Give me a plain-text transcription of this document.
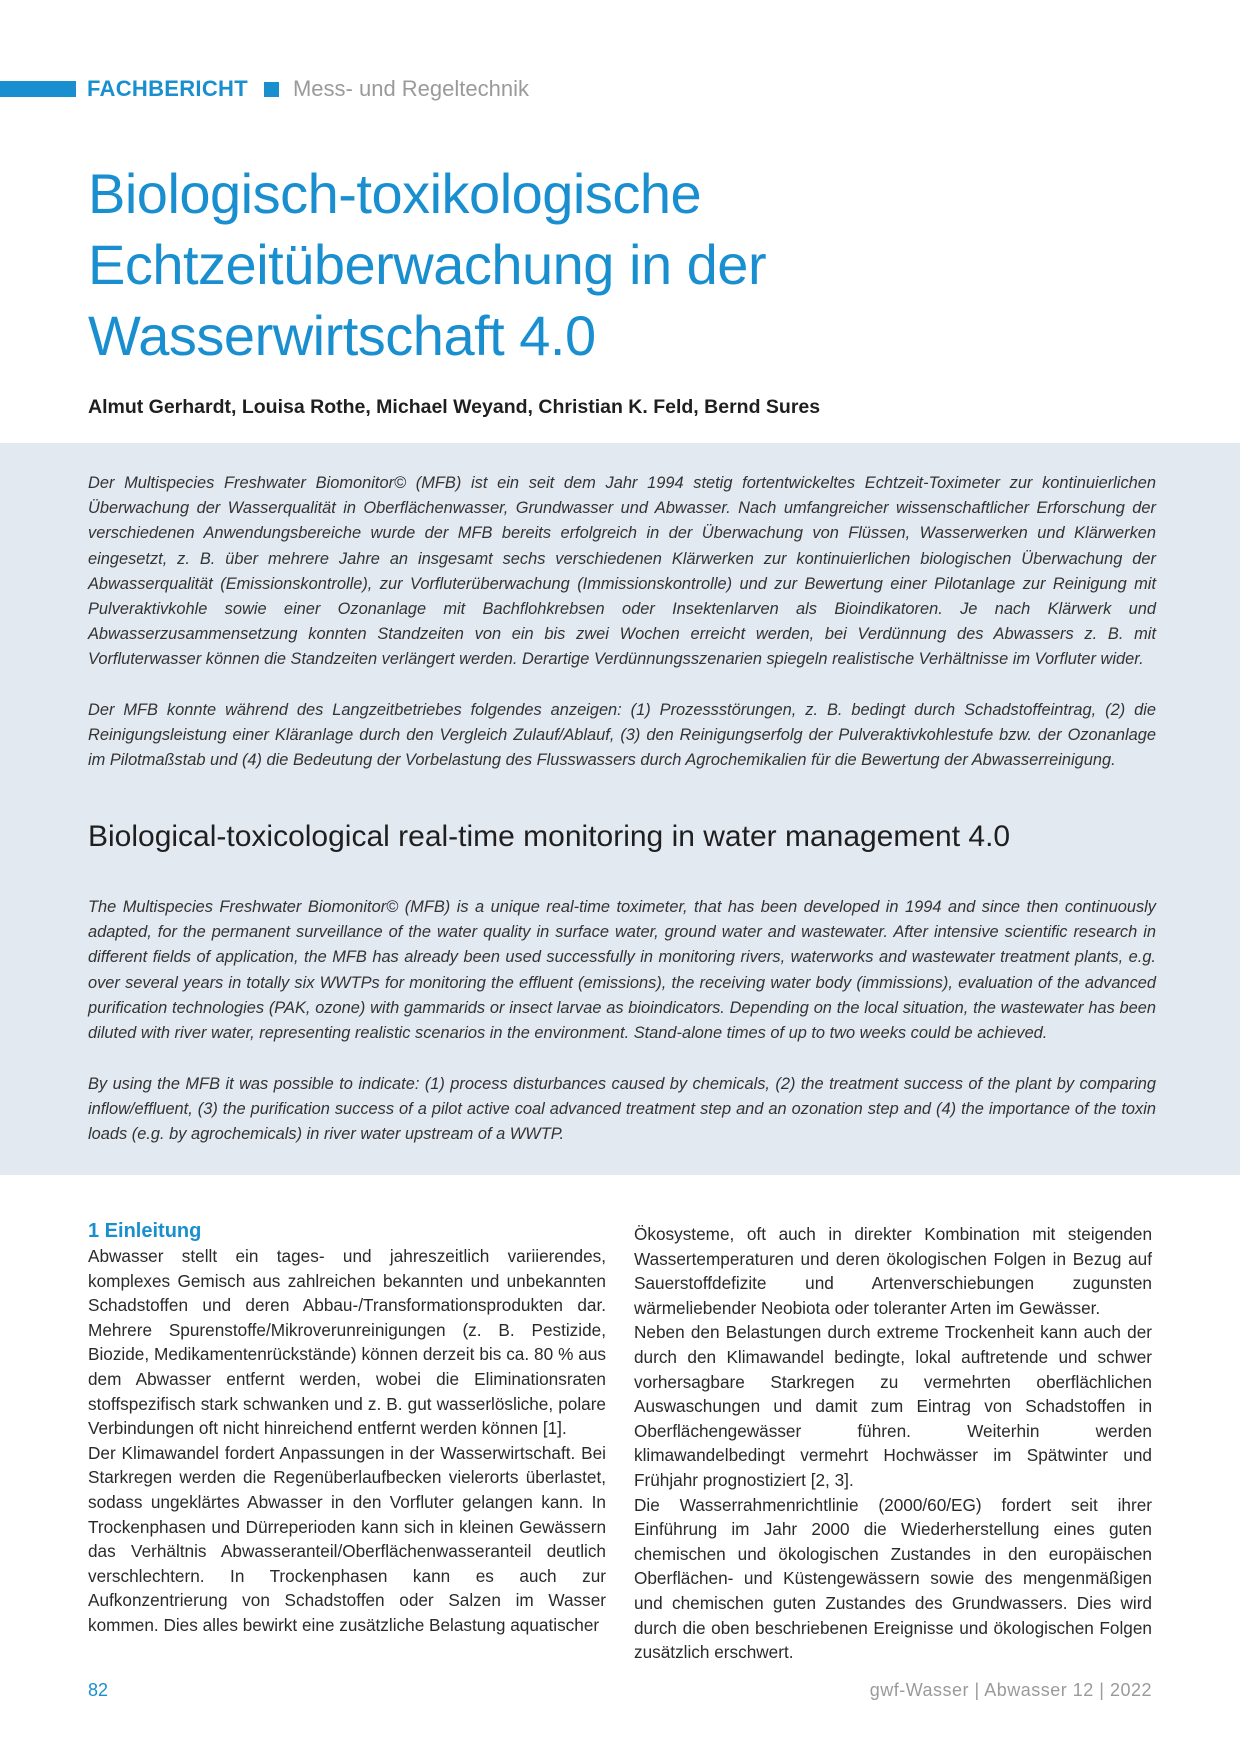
FACHBERICHT Mess- und Regeltechnik
Biologisch-toxikologische
Echtzeitüberwachung in der
Wasserwirtschaft 4.0
Almut Gerhardt, Louisa Rothe, Michael Weyand, Christian K. Feld, Bernd Sures

Der Multispecies Freshwater Biomonitor© (MFB) ist ein seit dem Jahr 1994 stetig fortentwickeltes Echtzeit-Toximeter zur kontinuierlichen Überwachung der Wasserqualität in Oberflächenwasser, Grundwasser und Abwasser. Nach umfangreicher wissenschaftlicher Erforschung der verschiedenen Anwendungsbereiche wurde der MFB bereits erfolgreich in der Überwachung von Flüssen, Wasserwerken und Klärwerken eingesetzt, z. B. über mehrere Jahre an insgesamt sechs verschiedenen Klärwerken zur kontinuierlichen biologischen Überwachung der Abwasserqualität (Emissionskontrolle), zur Vorfluterüberwachung (Immissionskontrolle) und zur Bewertung einer Pilotanlage zur Reinigung mit Pulveraktivkohle sowie einer Ozonanlage mit Bachflohkrebsen oder Insektenlarven als Bioindikatoren. Je nach Klärwerk und Abwasserzusammensetzung konnten Standzeiten von ein bis zwei Wochen erreicht werden, bei Verdünnung des Abwassers z. B. mit Vorfluterwasser können die Standzeiten verlängert werden. Derartige Verdünnungsszenarien spiegeln realistische Verhältnisse im Vorfluter wider.

Der MFB konnte während des Langzeitbetriebes folgendes anzeigen: (1) Prozessstörungen, z. B. bedingt durch Schadstoffeintrag, (2) die Reinigungsleistung einer Kläranlage durch den Vergleich Zulauf/Ablauf, (3) den Reinigungserfolg der Pulveraktivkohlestufe bzw. der Ozonanlage im Pilotmaßstab und (4) die Bedeutung der Vorbelastung des Flusswassers durch Agrochemikalien für die Bewertung der Abwasserreinigung.

Biological-toxicological real-time monitoring in water management 4.0

The Multispecies Freshwater Biomonitor© (MFB) is a unique real-time toximeter, that has been developed in 1994 and since then continuously adapted, for the permanent surveillance of the water quality in surface water, ground water and wastewater. After intensive scientific research in different fields of application, the MFB has already been used successfully in monitoring rivers, waterworks and wastewater treatment plants, e.g. over several years in totally six WWTPs for monitoring the effluent (emissions), the receiving water body (immissions), evaluation of the advanced purification technologies (PAK, ozone) with gammarids or insect larvae as bioindicators. Depending on the local situation, the wastewater has been diluted with river water, representing realistic scenarios in the environment. Stand-alone times of up to two weeks could be achieved.

By using the MFB it was possible to indicate: (1) process disturbances caused by chemicals, (2) the treatment success of the plant by comparing inflow/effluent, (3) the purification success of a pilot active coal advanced treatment step and an ozonation step and (4) the importance of the toxin loads (e.g. by agrochemicals) in river water upstream of a WWTP.

1 Einleitung

Abwasser stellt ein tages- und jahreszeitlich variierendes, komplexes Gemisch aus zahlreichen bekannten und unbekannten Schadstoffen und deren Abbau-/Transformationsprodukten dar. Mehrere Spurenstoffe/Mikroverunreinigungen (z. B. Pestizide, Biozide, Medikamentenrückstände) können derzeit bis ca. 80 % aus dem Abwasser entfernt werden, wobei die Eliminationsraten stoffspezifisch stark schwanken und z. B. gut wasserlösliche, polare Verbindungen oft nicht hinreichend entfernt werden können [1].

Der Klimawandel fordert Anpassungen in der Wasserwirtschaft. Bei Starkregen werden die Regenüberlaufbecken vielerorts überlastet, sodass ungeklärtes Abwasser in den Vorfluter gelangen kann. In Trockenphasen und Dürreperioden kann sich in kleinen Gewässern das Verhältnis Abwasseranteil/Oberflächenwasseranteil deutlich verschlechtern. In Trockenphasen kann es auch zur Aufkonzentrierung von Schadstoffen oder Salzen im Wasser kommen. Dies alles bewirkt eine zusätzliche Belastung aquatischer

Ökosysteme, oft auch in direkter Kombination mit steigenden Wassertemperaturen und deren ökologischen Folgen in Bezug auf Sauerstoffdefizite und Artenverschiebungen zugunsten wärmeliebender Neobiota oder toleranter Arten im Gewässer.

Neben den Belastungen durch extreme Trockenheit kann auch der durch den Klimawandel bedingte, lokal auftretende und schwer vorhersagbare Starkregen zu vermehrten oberflächlichen Auswaschungen und damit zum Eintrag von Schadstoffen in Oberflächengewässer führen. Weiterhin werden klimawandelbedingt vermehrt Hochwässer im Spätwinter und Frühjahr prognostiziert [2, 3].

Die Wasserrahmenrichtlinie (2000/60/EG) fordert seit ihrer Einführung im Jahr 2000 die Wiederherstellung eines guten chemischen und ökologischen Zustandes in den europäischen Oberflächen- und Küstengewässern sowie des mengenmäßigen und chemischen guten Zustandes des Grundwassers. Dies wird durch die oben beschriebenen Ereignisse und ökologischen Folgen zusätzlich erschwert.

82	gwf-Wasser | Abwasser 12 | 2022
